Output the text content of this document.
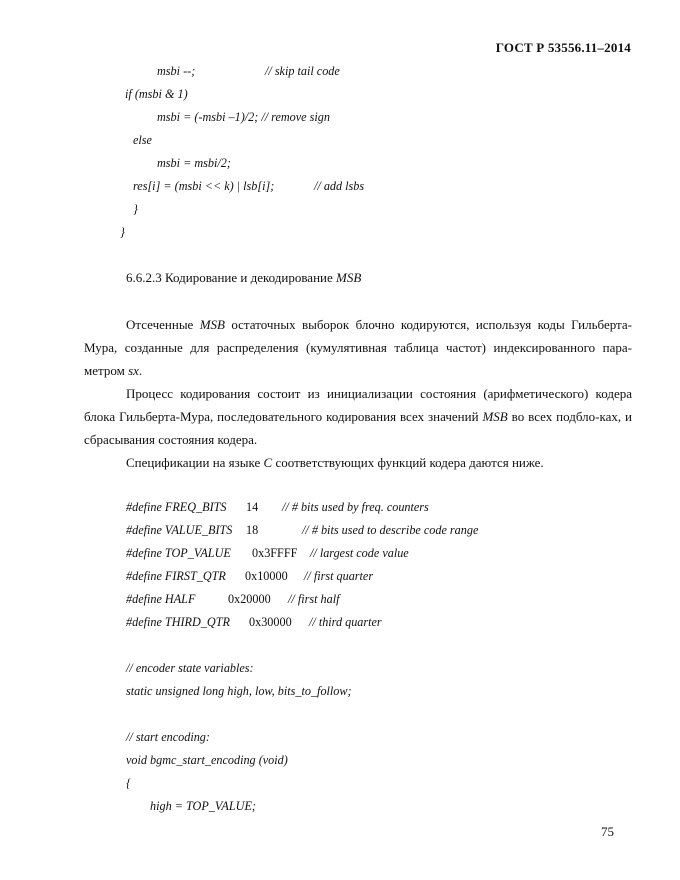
ГОСТ Р 53556.11–2014
msbi --;	// skip tail code
if (msbi & 1)
msbi = (-msbi –1)/2; // remove sign
else
msbi = msbi/2;
res[i] = (msbi << k) | lsb[i];	// add lsbs
}
}
6.6.2.3 Кодирование и декодирование MSB
Отсеченные MSB остаточных выборок блочно кодируются, используя коды Гильберта-Мура, созданные для распределения (кумулятивная таблица частот) индексированного пара-метром sx.
Процесс кодирования состоит из инициализации состояния (арифметического) кодера блока Гильберта-Мура, последовательного кодирования всех значений MSB во всех подбло-ках, и сбрасывания состояния кодера.
Спецификации на языке C соответствующих функций кодера даются ниже.
#define FREQ_BITS 14 // # bits used by freq. counters
#define VALUE_BITS 18	// # bits used to describe code range
#define TOP_VALUE 0x3FFFF // largest code value
#define FIRST_QTR 0x10000 // first quarter
#define HALF	0x20000 // first half
#define THIRD_QTR 0x30000 // third quarter
// encoder state variables:
static unsigned long high, low, bits_to_follow;
// start encoding:
void bgmc_start_encoding (void)
{
high = TOP_VALUE;
75
